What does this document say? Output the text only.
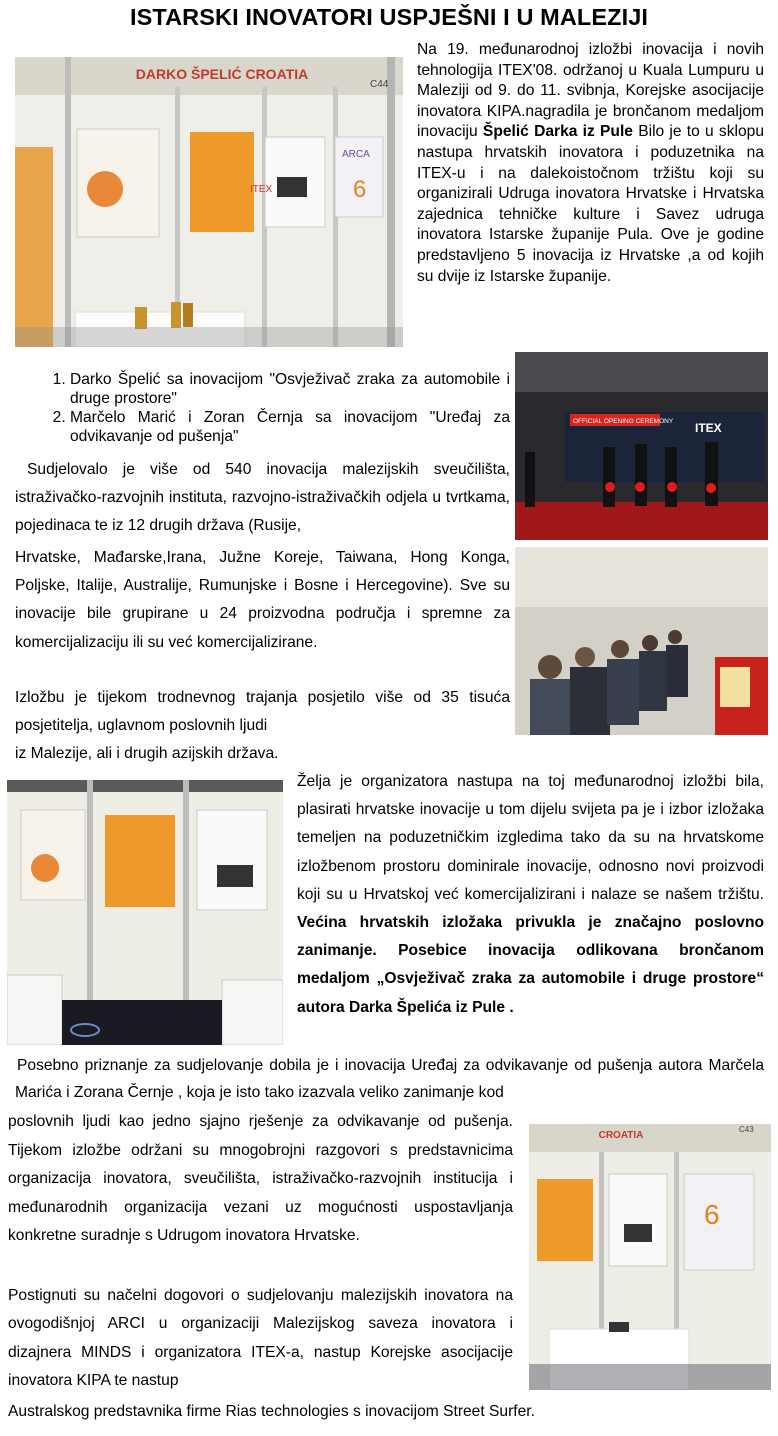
ISTARSKI INOVATORI USPJEŠNI I U MALEZIJI
DARKO ŠPELIĆ CROATIA
C44
ITEX
ARCA
6

Na 19. međunarodnoj izložbi inovacija i novih tehnologija ITEX'08. održanoj u Kuala Lumpuru u Maleziji od 9. do 11. svibnja, Korejske asocijacije inovatora KIPA.nagradila je brončanom medaljom inovaciju Špelić Darka iz Pule Bilo je to u sklopu nastupa hrvatskih inovatora i poduzetnika na ITEX-u i na dalekoistočnom tržištu koji su organizirali Udruga inovatora Hrvatske i Hrvatska zajednica tehničke kulture i Savez udruga inovatora Istarske županije Pula. Ove je godine predstavljeno 5 inovacija iz Hrvatske ,a od kojih su dvije iz Istarske županije.

1. Darko Špelić sa inovacijom "Osvježivač zraka za automobile i druge prostore"
2. Marčelo Marić i Zoran Černja sa inovacijom "Uređaj za odvikavanje od pušenja"
OFFICIAL OPENING CEREMONY ITEX

Sudjelovalo je više od 540 inovacija malezijskih sveučilišta, istraživačko-razvojnih instituta, razvojno-istraživačkih odjela u tvrtkama, pojedinaca te iz 12 drugih država (Rusije,

Hrvatske, Mađarske,Irana, Južne Koreje, Taiwana, Hong Konga, Poljske, Italije, Australije, Rumunjske i Bosne i Hercegovine). Sve su inovacije bile grupirane u 24 proizvodna područja i spremne za komercijalizaciju ili su već komercijalizirane.

Izložbu je tijekom trodnevnog trajanja posjetilo više od 35 tisuća posjetitelja, uglavnom poslovnih ljudi

iz Malezije, ali i drugih azijskih država.

Želja je organizatora nastupa na toj međunarodnoj izložbi bila, plasirati hrvatske inovacije u tom dijelu svijeta pa je i izbor izložaka temeljen na poduzetničkim izgledima tako da su na hrvatskome izložbenom prostoru dominirale inovacije, odnosno novi proizvodi koji su u Hrvatskoj već komercijalizirani i nalaze se našem tržištu. Većina hrvatskih izložaka privukla je značajno poslovno zanimanje. Posebice inovacija odlikovana brončanom medaljom „Osvježivač zraka za automobile i druge prostore“ autora Darka Špelića iz Pule .

Posebno priznanje za sudjelovanje dobila je i inovacija Uređaj za odvikavanje od pušenja autora Marčela Marića i Zorana Černje , koja je isto tako izazvala veliko zanimanje kod

CROATIA
C43
6

poslovnih ljudi kao jedno sjajno rješenje za odvikavanje od pušenja. Tijekom izložbe održani su mnogobrojni razgovori s predstavnicima organizacija inovatora, sveučilišta, istraživačko-razvojnih institucija i međunarodnih organizacija vezani uz mogućnosti uspostavljanja konkretne suradnje s Udrugom inovatora Hrvatske.

Postignuti su načelni dogovori o sudjelovanju malezijskih inovatora na ovogodišnjoj ARCI u organizaciji Malezijskog saveza inovatora i dizajnera MINDS i organizatora ITEX-a, nastup Korejske asocijacije inovatora KIPA te nastup

Australskog predstavnika firme Rias technologies s inovacijom Street Surfer.
